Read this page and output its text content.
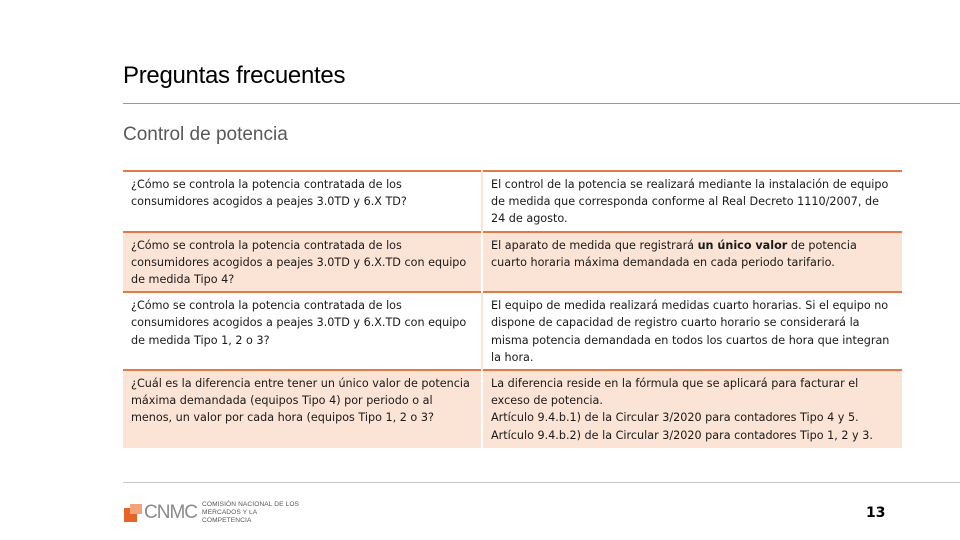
Preguntas frecuentes
Control de potencia
¿Cómo se controla la potencia contratada de los consumidores acogidos a peajes 3.0TD y 6.X TD?	El control de la potencia se realizará mediante la instalación de equipo de medida que corresponda conforme al Real Decreto 1110/2007, de 24 de agosto.
¿Cómo se controla la potencia contratada de los consumidores acogidos a peajes 3.0TD y 6.X.TD con equipo de medida Tipo 4?	El aparato de medida que registrará un único valor de potencia cuarto horaria máxima demandada en cada periodo tarifario.
¿Cómo se controla la potencia contratada de los consumidores acogidos a peajes 3.0TD y 6.X.TD con equipo de medida Tipo 1, 2 o 3?	El equipo de medida realizará medidas cuarto horarias. Si el equipo no dispone de capacidad de registro cuarto horario se considerará la misma potencia demandada en todos los cuartos de hora que integran la hora.
¿Cuál es la diferencia entre tener un único valor de potencia máxima demandada (equipos Tipo 4) por periodo o al menos, un valor por cada hora (equipos Tipo 1, 2 o 3?	La diferencia reside en la fórmula que se aplicará para facturar el exceso de potencia.
Artículo 9.4.b.1) de la Circular 3/2020 para contadores Tipo 4 y 5.
Artículo 9.4.b.2) de la Circular 3/2020 para contadores Tipo 1, 2 y 3.
CNMC COMISIÓN NACIONAL DE LOS
MERCADOS Y LA COMPETENCIA	13
